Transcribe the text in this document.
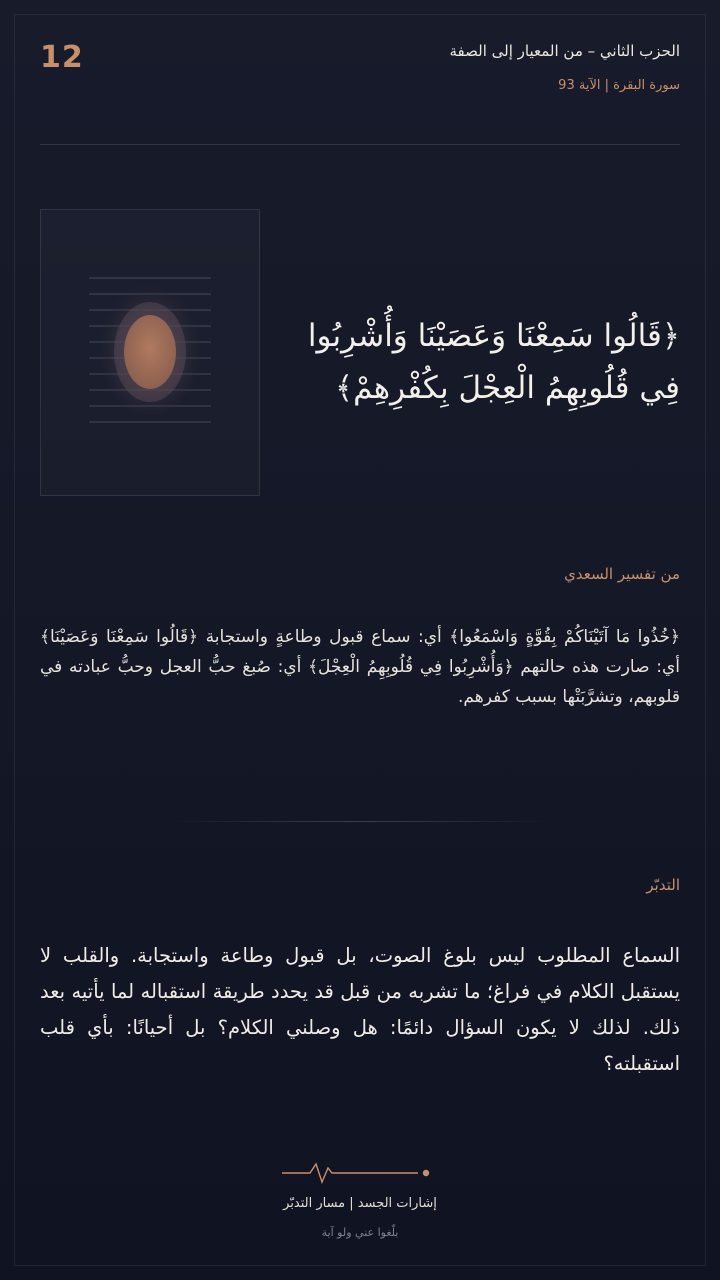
12	الحزب الثاني – من المعيار إلى الصفة
سورة البقرة | الآية 93
﴿قَالُوا سَمِعْنَا وَعَصَيْنَا وَأُشْرِبُوا فِي قُلُوبِهِمُ الْعِجْلَ بِكُفْرِهِمْ﴾
من تفسير السعدي
﴿خُذُوا مَا آتَيْنَاكُمْ بِقُوَّةٍ وَاسْمَعُوا﴾ أي: سماع قبول وطاعةٍ واستجابة ﴿قَالُوا سَمِعْنَا وَعَصَيْنَا﴾ أي: صارت هذه حالتهم ﴿وَأُشْرِبُوا فِي قُلُوبِهِمُ الْعِجْلَ﴾ أي: صُبغ حبُّ العجل وحبُّ عبادته في قلوبهم، وتشرَّبَتْها بسبب كفرهم.
التدبّر
السماع المطلوب ليس بلوغ الصوت، بل قبول وطاعة واستجابة. والقلب لا يستقبل الكلام في فراغ؛ ما تشربه من قبل قد يحدد طريقة استقباله لما يأتيه بعد ذلك. لذلك لا يكون السؤال دائمًا: هل وصلني الكلام؟ بل أحيانًا: بأي قلب استقبلته؟
إشارات الجسد | مسار التدبّر
بلّغوا عني ولو آية
